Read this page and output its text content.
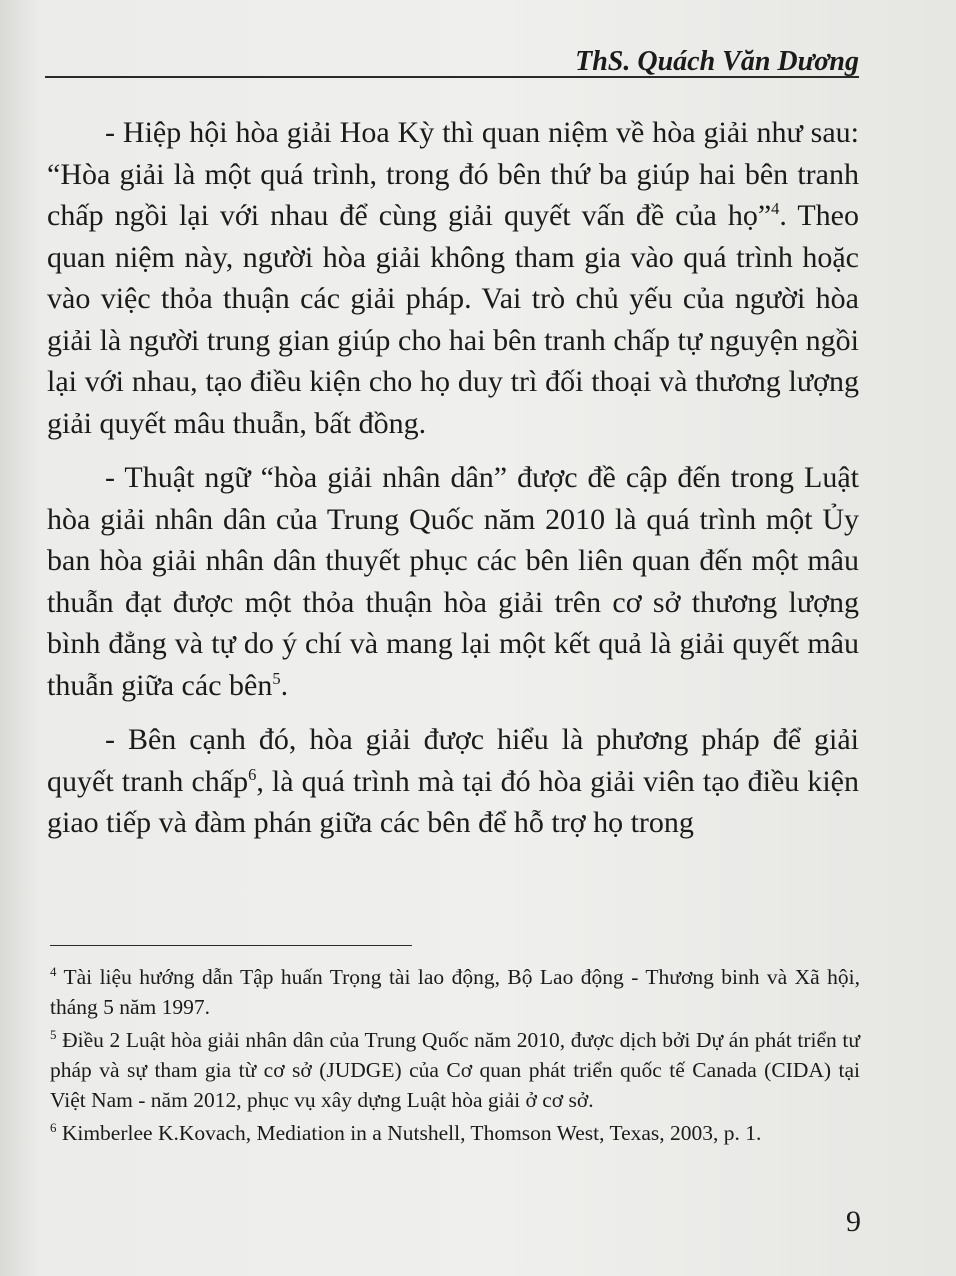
ThS. Quách Văn Dương

- Hiệp hội hòa giải Hoa Kỳ thì quan niệm về hòa giải như sau: “Hòa giải là một quá trình, trong đó bên thứ ba giúp hai bên tranh chấp ngồi lại với nhau để cùng giải quyết vấn đề của họ”$^4$. Theo quan niệm này, người hòa giải không tham gia vào quá trình hoặc vào việc thỏa thuận các giải pháp. Vai trò chủ yếu của người hòa giải là người trung gian giúp cho hai bên tranh chấp tự nguyện ngồi lại với nhau, tạo điều kiện cho họ duy trì đối thoại và thương lượng giải quyết mâu thuẫn, bất đồng.

- Thuật ngữ “hòa giải nhân dân” được đề cập đến trong Luật hòa giải nhân dân của Trung Quốc năm 2010 là quá trình một Ủy ban hòa giải nhân dân thuyết phục các bên liên quan đến một mâu thuẫn đạt được một thỏa thuận hòa giải trên cơ sở thương lượng bình đẳng và tự do ý chí và mang lại một kết quả là giải quyết mâu thuẫn giữa các bên$^5$.

- Bên cạnh đó, hòa giải được hiểu là phương pháp để giải quyết tranh chấp$^6$, là quá trình mà tại đó hòa giải viên tạo điều kiện giao tiếp và đàm phán giữa các bên để hỗ trợ họ trong

$^4$ Tài liệu hướng dẫn Tập huấn Trọng tài lao động, Bộ Lao động - Thương binh và Xã hội, tháng 5 năm 1997.

$^5$ Điều 2 Luật hòa giải nhân dân của Trung Quốc năm 2010, được dịch bởi Dự án phát triển tư pháp và sự tham gia từ cơ sở (JUDGE) của Cơ quan phát triển quốc tế Canada (CIDA) tại Việt Nam - năm 2012, phục vụ xây dựng Luật hòa giải ở cơ sở.

$^6$ Kimberlee K.Kovach, Mediation in a Nutshell, Thomson West, Texas, 2003, p. 1.

9
